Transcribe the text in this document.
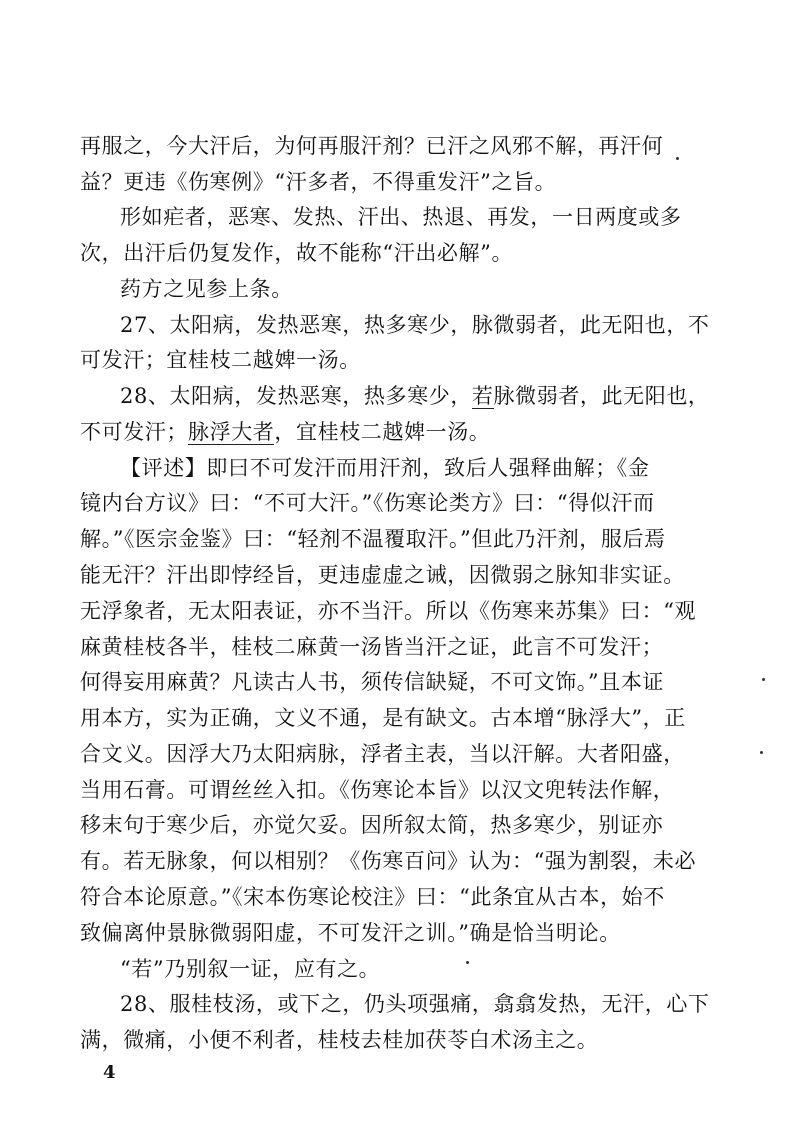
再服之，今大汗后，为何再服汗剂？已汗之风邪不解，再汗何
益？更违《伤寒例》“汗多者，不得重发汗”之旨。
形如疟者，恶寒、发热、汗出、热退、再发，一日两度或多
次，出汗后仍复发作，故不能称“汗出必解”。
药方之见参上条。
27、太阳病，发热恶寒，热多寒少，脉微弱者，此无阳也，不
可发汗；宜桂枝二越婢一汤。
28、太阳病，发热恶寒，热多寒少，若脉微弱者，此无阳也，
不可发汗；脉浮大者，宜桂枝二越婢一汤。
【评述】即曰不可发汗而用汗剂，致后人强释曲解；《金
镜内台方议》曰：“不可大汗。”《伤寒论类方》曰：“得似汗而
解。”《医宗金鉴》曰：“轻剂不温覆取汗。”但此乃汗剂，服后焉
能无汗？汗出即悖经旨，更违虚虚之诫，因微弱之脉知非实证。
无浮象者，无太阳表证，亦不当汗。所以《伤寒来苏集》曰：“观
麻黄桂枝各半，桂枝二麻黄一汤皆当汗之证，此言不可发汗；
何得妄用麻黄？凡读古人书，须传信缺疑，不可文饰。”且本证
用本方，实为正确，文义不通，是有缺文。古本增“脉浮大”，正
合文义。因浮大乃太阳病脉，浮者主表，当以汗解。大者阳盛，
当用石膏。可谓丝丝入扣。《伤寒论本旨》以汉文兜转法作解，
移末句于寒少后，亦觉欠妥。因所叙太简，热多寒少，别证亦
有。若无脉象，何以相别？《伤寒百问》认为：“强为割裂，未必
符合本论原意。”《宋本伤寒论校注》曰：“此条宜从古本，始不
致偏离仲景脉微弱阳虚，不可发汗之训。”确是恰当明论。
“若”乃别叙一证，应有之。
28、服桂枝汤，或下之，仍头项强痛，翕翕发热，无汗，心下
满，微痛，小便不利者，桂枝去桂加茯苓白术汤主之。
4
